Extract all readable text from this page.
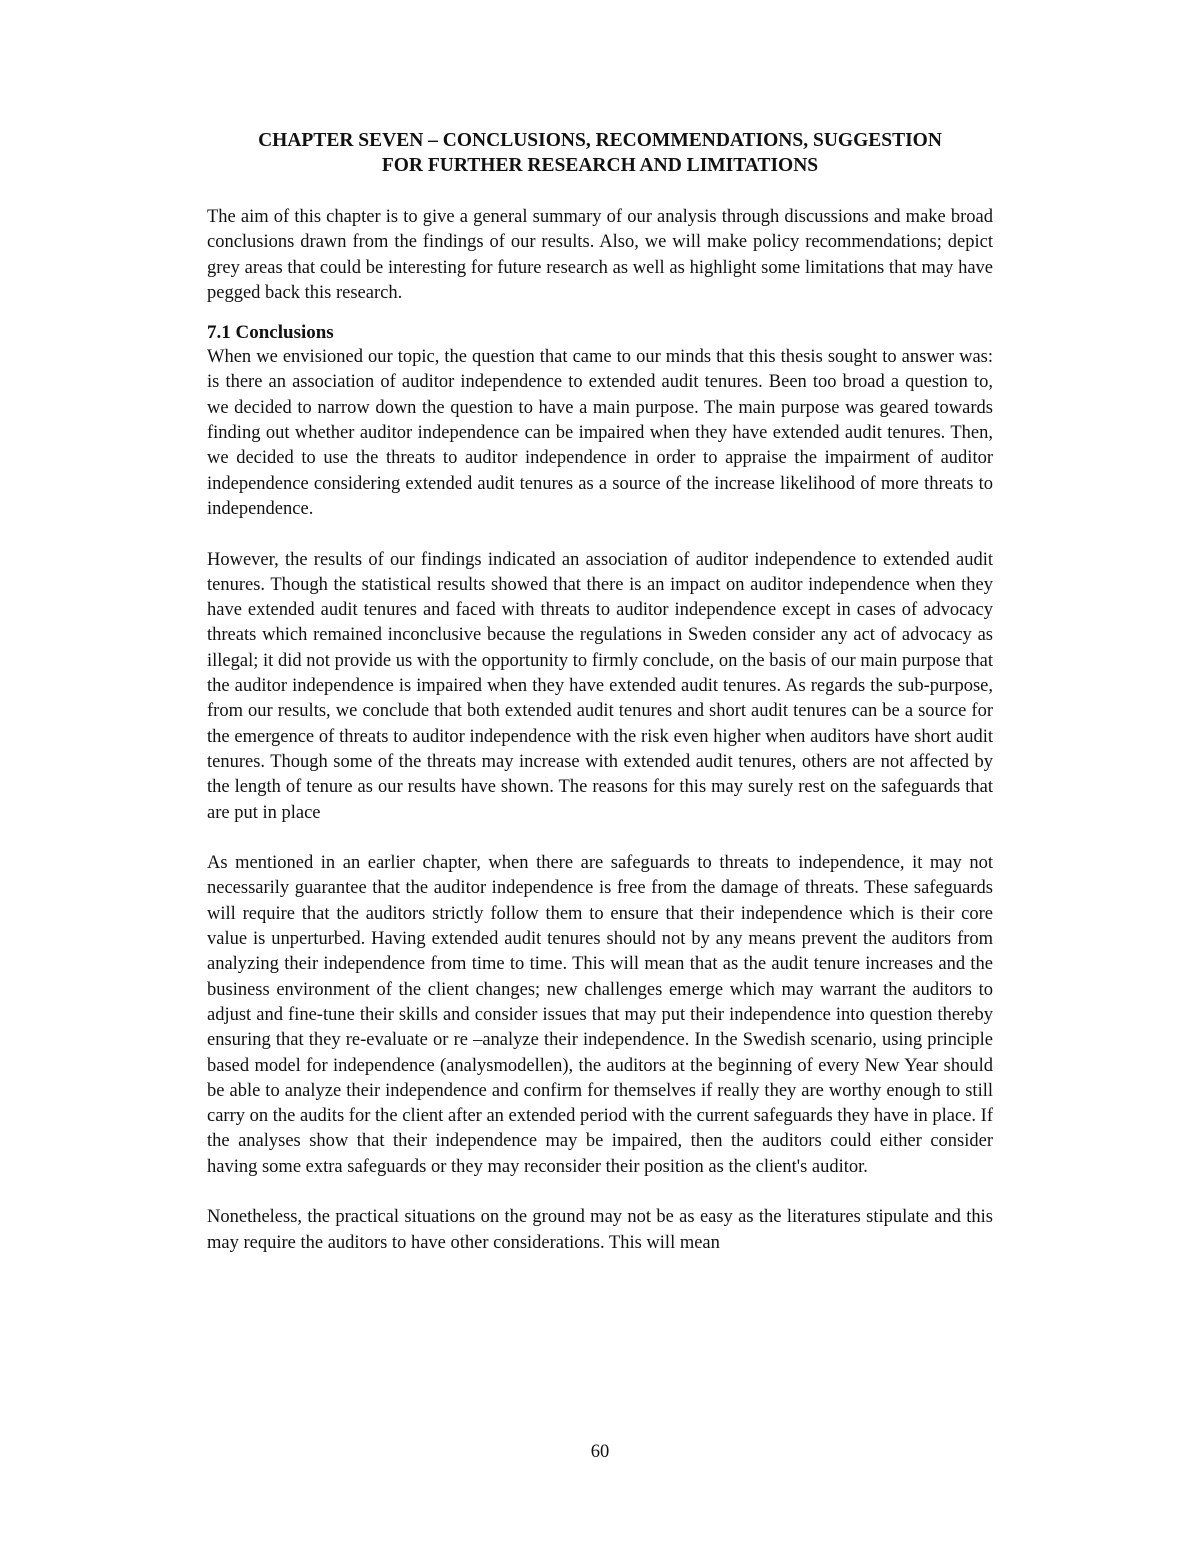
CHAPTER SEVEN – CONCLUSIONS, RECOMMENDATIONS, SUGGESTION
FOR FURTHER RESEARCH AND LIMITATIONS

The aim of this chapter is to give a general summary of our analysis through discussions and make broad conclusions drawn from the findings of our results. Also, we will make policy recommendations; depict grey areas that could be interesting for future research as well as highlight some limitations that may have pegged back this research.

7.1 Conclusions

When we envisioned our topic, the question that came to our minds that this thesis sought to answer was: is there an association of auditor independence to extended audit tenures. Been too broad a question to, we decided to narrow down the question to have a main purpose. The main purpose was geared towards finding out whether auditor independence can be impaired when they have extended audit tenures. Then, we decided to use the threats to auditor independence in order to appraise the impairment of auditor independence considering extended audit tenures as a source of the increase likelihood of more threats to independence.

However, the results of our findings indicated an association of auditor independence to extended audit tenures. Though the statistical results showed that there is an impact on auditor independence when they have extended audit tenures and faced with threats to auditor independence except in cases of advocacy threats which remained inconclusive because the regulations in Sweden consider any act of advocacy as illegal; it did not provide us with the opportunity to firmly conclude, on the basis of our main purpose that the auditor independence is impaired when they have extended audit tenures. As regards the sub-purpose, from our results, we conclude that both extended audit tenures and short audit tenures can be a source for the emergence of threats to auditor independence with the risk even higher when auditors have short audit tenures. Though some of the threats may increase with extended audit tenures, others are not affected by the length of tenure as our results have shown. The reasons for this may surely rest on the safeguards that are put in place

As mentioned in an earlier chapter, when there are safeguards to threats to independence, it may not necessarily guarantee that the auditor independence is free from the damage of threats. These safeguards will require that the auditors strictly follow them to ensure that their independence which is their core value is unperturbed. Having extended audit tenures should not by any means prevent the auditors from analyzing their independence from time to time. This will mean that as the audit tenure increases and the business environment of the client changes; new challenges emerge which may warrant the auditors to adjust and fine-tune their skills and consider issues that may put their independence into question thereby ensuring that they re-evaluate or re –analyze their independence. In the Swedish scenario, using principle based model for independence (analysmodellen), the auditors at the beginning of every New Year should be able to analyze their independence and confirm for themselves if really they are worthy enough to still carry on the audits for the client after an extended period with the current safeguards they have in place. If the analyses show that their independence may be impaired, then the auditors could either consider having some extra safeguards or they may reconsider their position as the client's auditor.

Nonetheless, the practical situations on the ground may not be as easy as the literatures stipulate and this may require the auditors to have other considerations. This will mean

60
